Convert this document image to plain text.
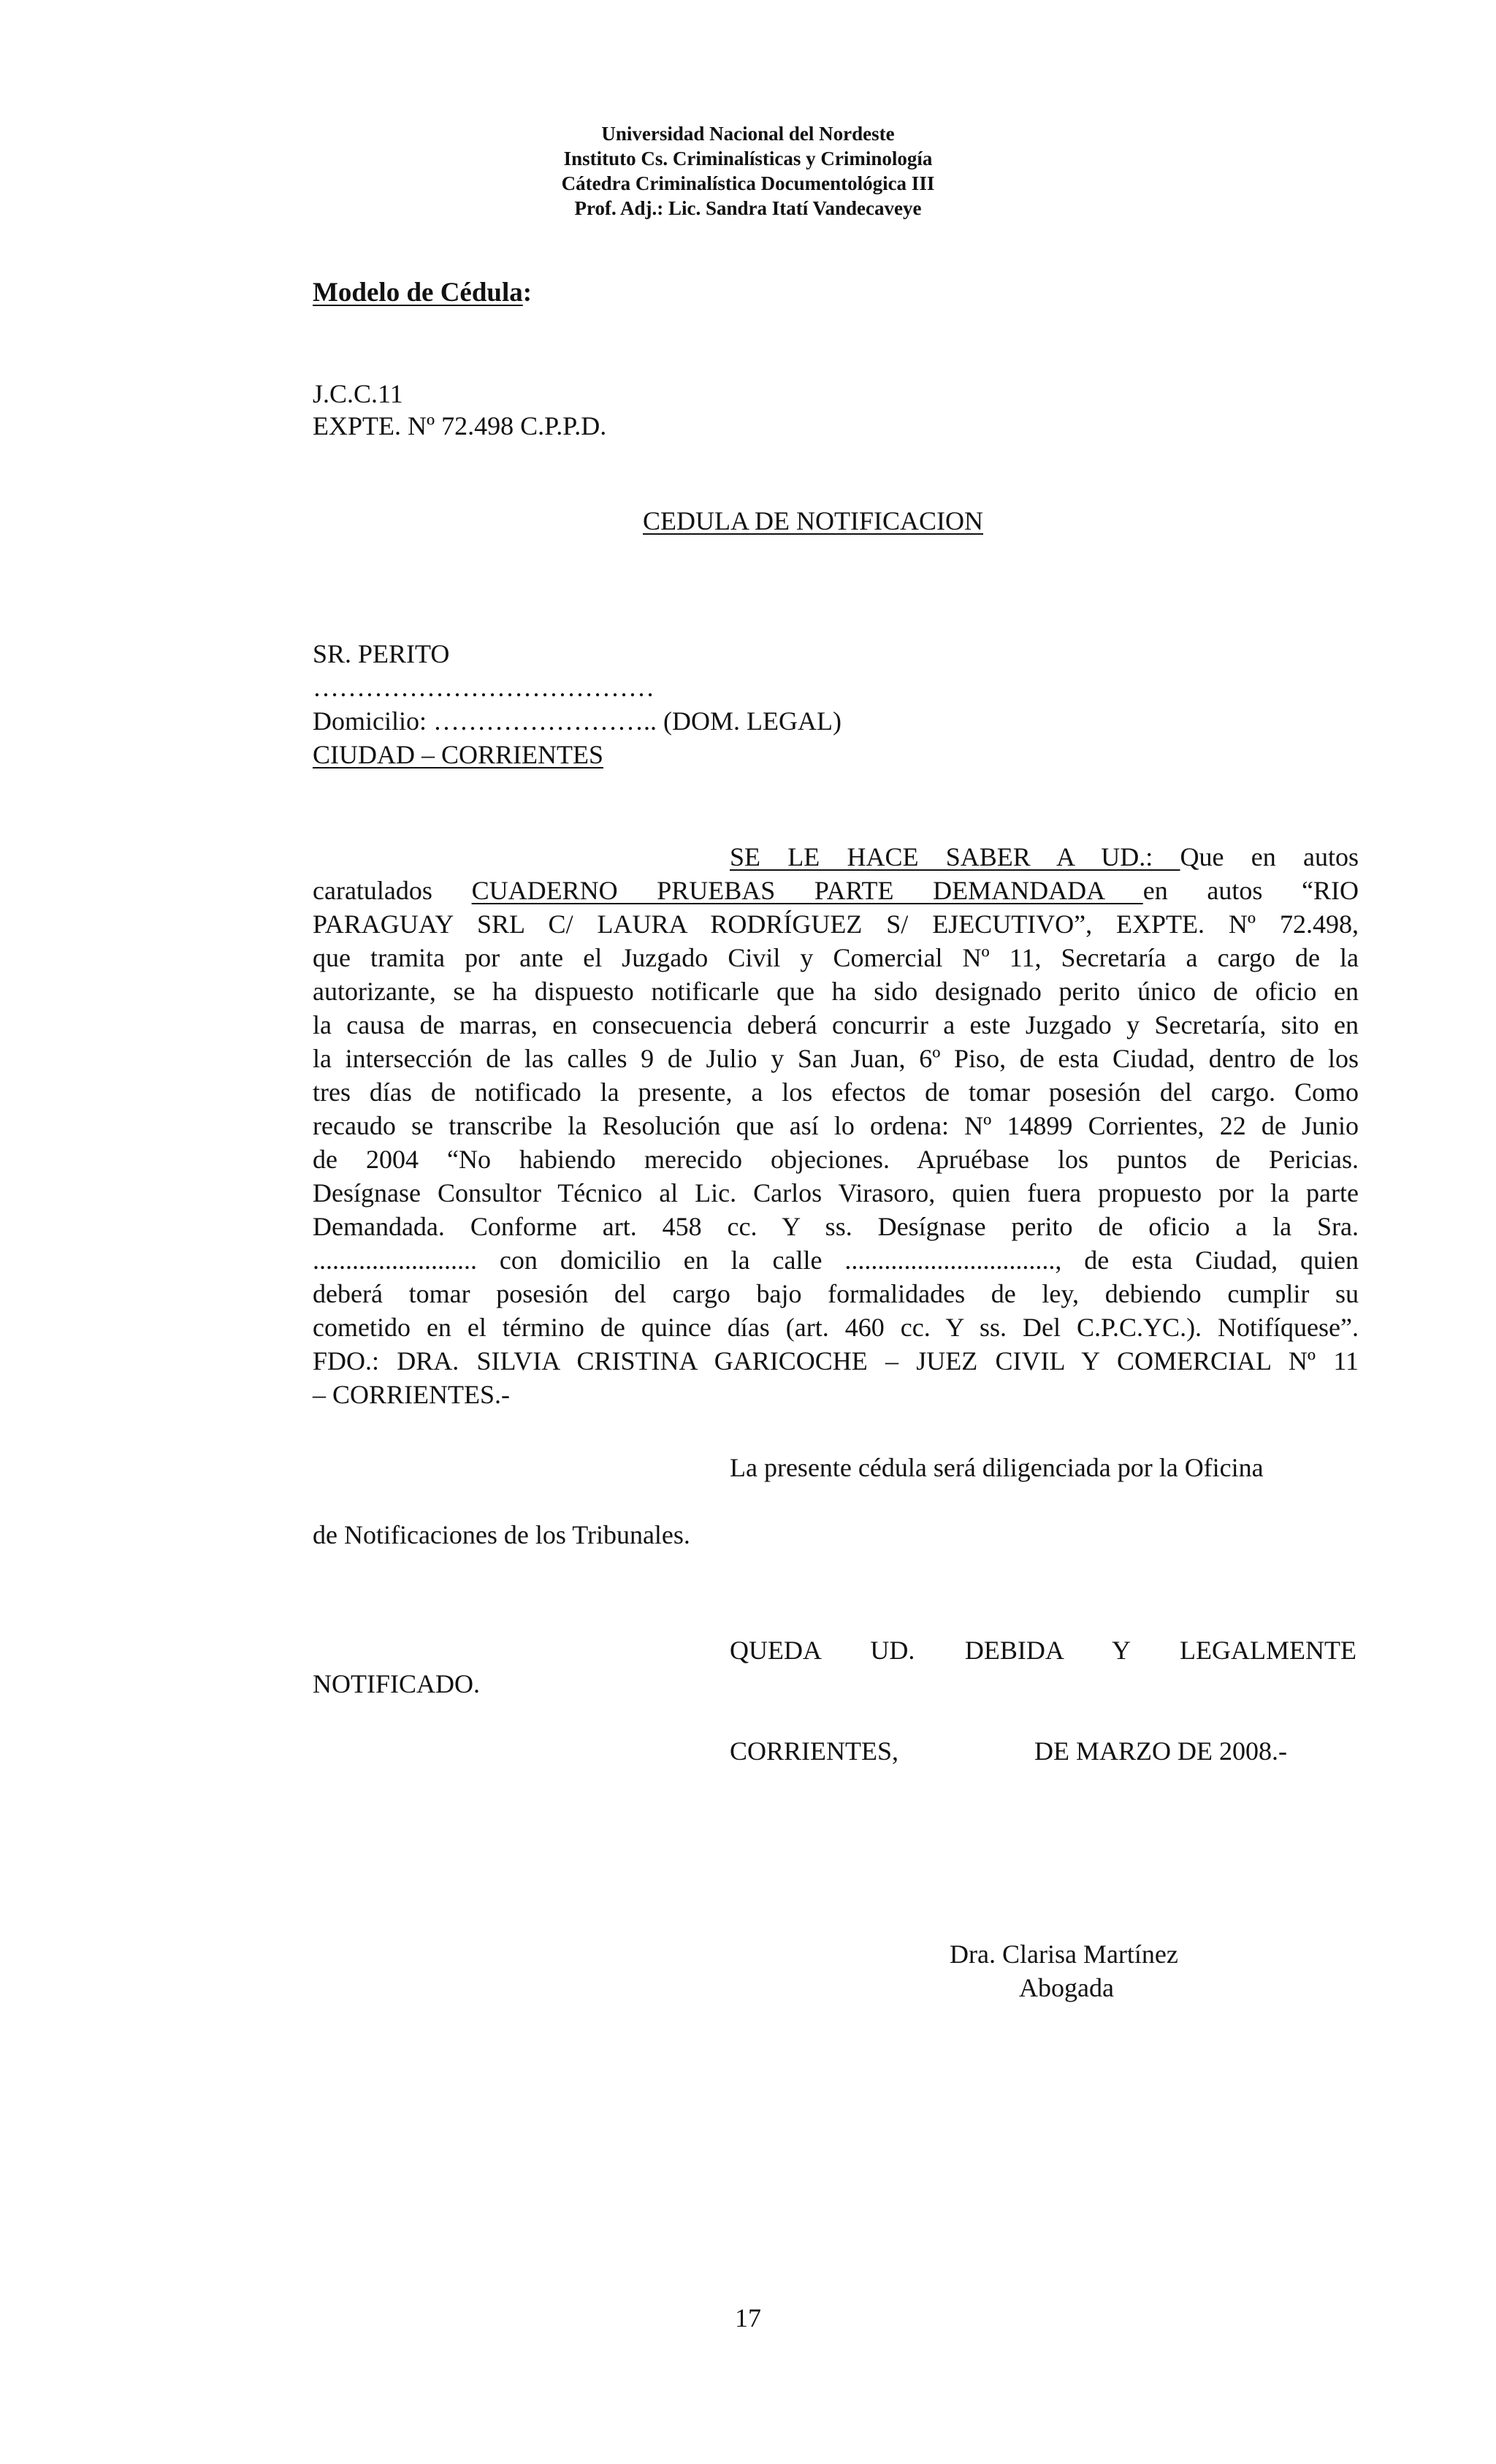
Universidad Nacional del Nordeste
Instituto Cs. Criminalísticas y Criminología
Cátedra Criminalística Documentológica III
Prof. Adj.: Lic. Sandra Itatí Vandecaveye
Modelo de Cédula:
J.C.C.11
EXPTE. Nº 72.498 C.P.P.D.
CEDULA DE NOTIFICACION
SR. PERITO
…………………………………
Domicilio: …………………….. (DOM. LEGAL)
CIUDAD – CORRIENTES
SE LE HACE SABER A UD.: Que en autos
caratulados CUADERNO PRUEBAS PARTE DEMANDADA en autos “RIO
PARAGUAY SRL C/ LAURA RODRÍGUEZ S/ EJECUTIVO”, EXPTE. Nº 72.498,
que tramita por ante el Juzgado Civil y Comercial Nº 11, Secretaría a cargo de la
autorizante, se ha dispuesto notificarle que ha sido designado perito único de oficio en
la causa de marras, en consecuencia deberá concurrir a este Juzgado y Secretaría, sito en
la intersección de las calles 9 de Julio y San Juan, 6º Piso, de esta Ciudad, dentro de los
tres días de notificado la presente, a los efectos de tomar posesión del cargo. Como
recaudo se transcribe la Resolución que así lo ordena: Nº 14899 Corrientes, 22 de Junio
de 2004 “No habiendo merecido objeciones. Apruébase los puntos de Pericias.
Desígnase Consultor Técnico al Lic. Carlos Virasoro, quien fuera propuesto por la parte
Demandada. Conforme art. 458 cc. Y ss. Desígnase perito de oficio a la Sra.
......................... con domicilio en la calle ................................, de esta Ciudad, quien
deberá tomar posesión del cargo bajo formalidades de ley, debiendo cumplir su
cometido en el término de quince días (art. 460 cc. Y ss. Del C.P.C.YC.). Notifíquese”.
FDO.: DRA. SILVIA CRISTINA GARICOCHE – JUEZ CIVIL Y COMERCIAL Nº 11
– CORRIENTES.-
La presente cédula será diligenciada por la Oficina
de Notificaciones de los Tribunales.
QUEDA UD. DEBIDA Y LEGALMENTE
NOTIFICADO.
CORRIENTES,	DE MARZO DE 2008.-
Dra. Clarisa Martínez
Abogada
17
